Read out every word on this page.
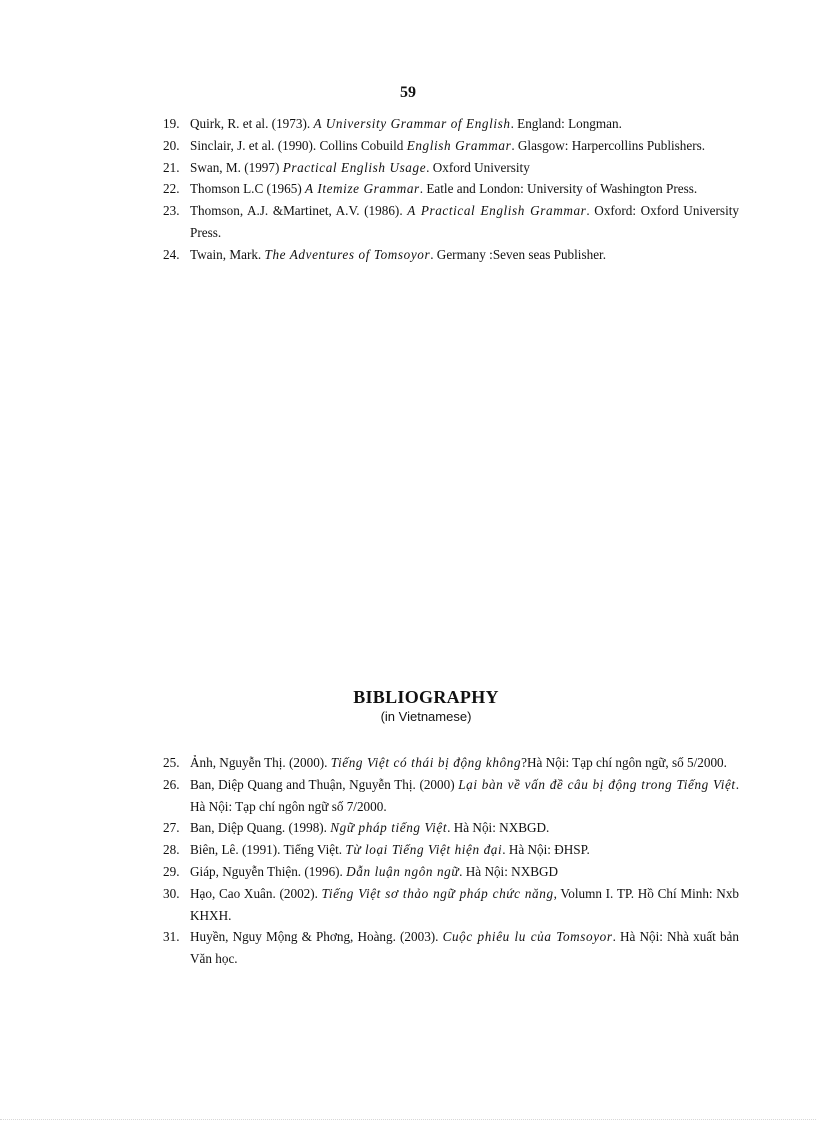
59
19. Quirk, R. et al. (1973). A University Grammar of English. England: Longman.
20. Sinclair, J. et al. (1990). Collins Cobuild English Grammar. Glasgow: Harpercollins Publishers.
21. Swan, M. (1997) Practical English Usage. Oxford University
22. Thomson L.C (1965) A Itemize Grammar. Eatle and London: University of Washington Press.
23. Thomson, A.J. &Martinet, A.V. (1986). A Practical English Grammar. Oxford: Oxford University Press.
24. Twain, Mark. The Adventures of Tomsoyor. Germany :Seven seas Publisher.
BIBLIOGRAPHY
(in Vietnamese)
25. Ảnh, Nguyễn Thị. (2000). Tiếng Việt có thái bị động không?Hà Nội: Tạp chí ngôn ngữ, số 5/2000.
26. Ban, Diệp Quang and Thuận, Nguyễn Thị. (2000) Lại bàn về vấn đề câu bị động trong Tiếng Việt. Hà Nội: Tạp chí ngôn ngữ số 7/2000.
27. Ban, Diệp Quang. (1998). Ngữ pháp tiếng Việt. Hà Nội: NXBGD.
28. Biên, Lê. (1991). Tiếng Việt. Từ loại Tiếng Việt hiện đại. Hà Nội: ĐHSP.
29. Giáp, Nguyễn Thiện. (1996). Dẫn luận ngôn ngữ. Hà Nội: NXBGD
30. Hạo, Cao Xuân. (2002). Tiếng Việt sơ thảo ngữ pháp chức năng, Volumn I. TP. Hồ Chí Minh: Nxb KHXH.
31. Huyền, Nguy Mộng & Phơng, Hoàng. (2003). Cuộc phiêu lu của Tomsoyor. Hà Nội: Nhà xuất bản Văn học.
